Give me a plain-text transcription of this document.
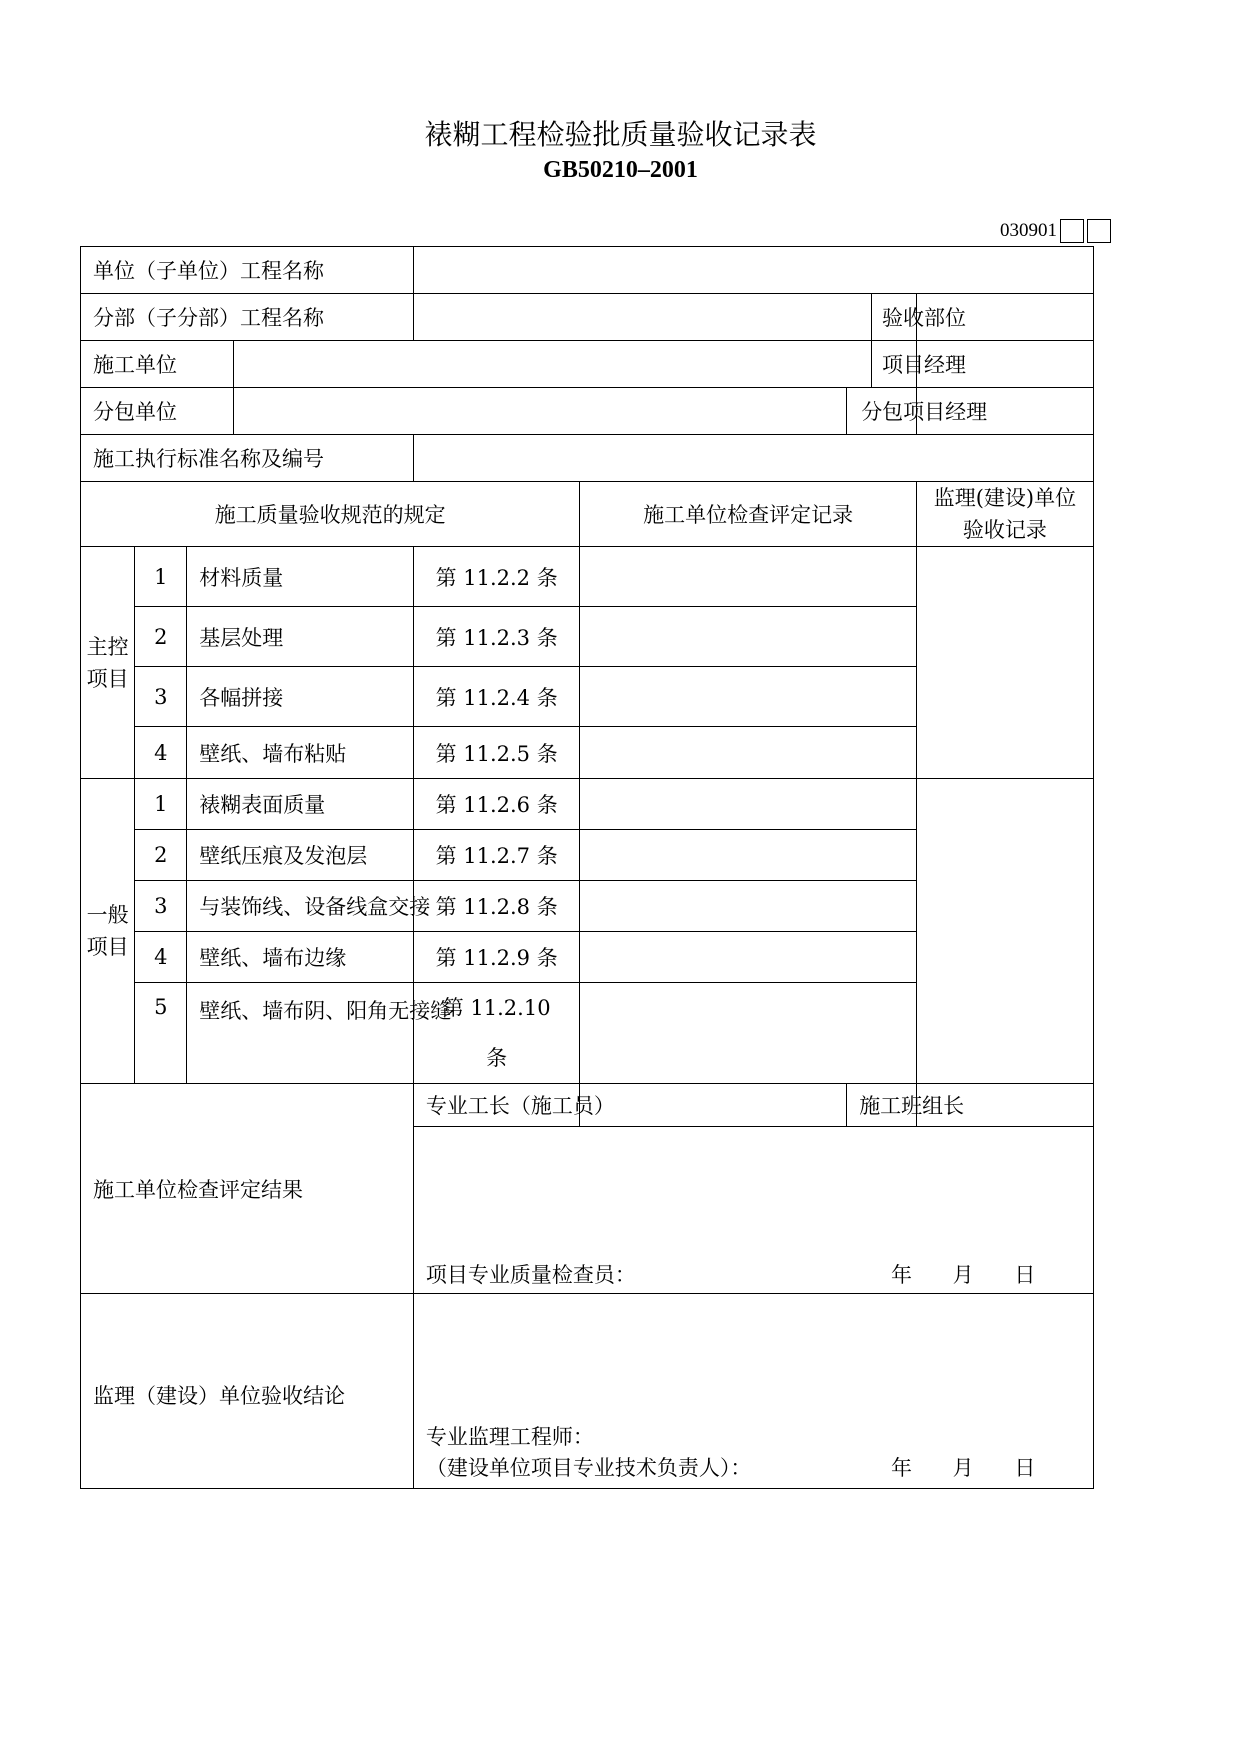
裱糊工程检验批质量验收记录表
GB50210–2001
030901
单位（子单位）工程名称								
分部（子分部）工程名称							验收部位	
施工单位							项目经理	
分包单位						分包项目经理		
施工执行标准名称及编号								
施工质量验收规范的规定					施工单位检查评定记录			监理(建设)单位验收记录
主控项目	1	材料质量		第 11.2.2 条				
	2	基层处理		第 11.2.3 条				
	3	各幅拼接		第 11.2.4 条				
	4	壁纸、墙布粘贴		第 11.2.5 条				
一般项目	1	裱糊表面质量		第 11.2.6 条				
	2	壁纸压痕及发泡层		第 11.2.7 条				
	3	与装饰线、设备线盒交接		第 11.2.8 条				
	4	壁纸、墙布边缘		第 11.2.9 条				
	5	壁纸、墙布阴、阳角无接缝		第 11.2.10 条				
施工单位检查评定结果				专业工长（施工员）		施工班组长		

				项目专业质量检查员： 年 月 日				

监理（建设）单位验收结论				专业监理工程师：
（建设单位项目专业技术负责人）： 年 月 日				
